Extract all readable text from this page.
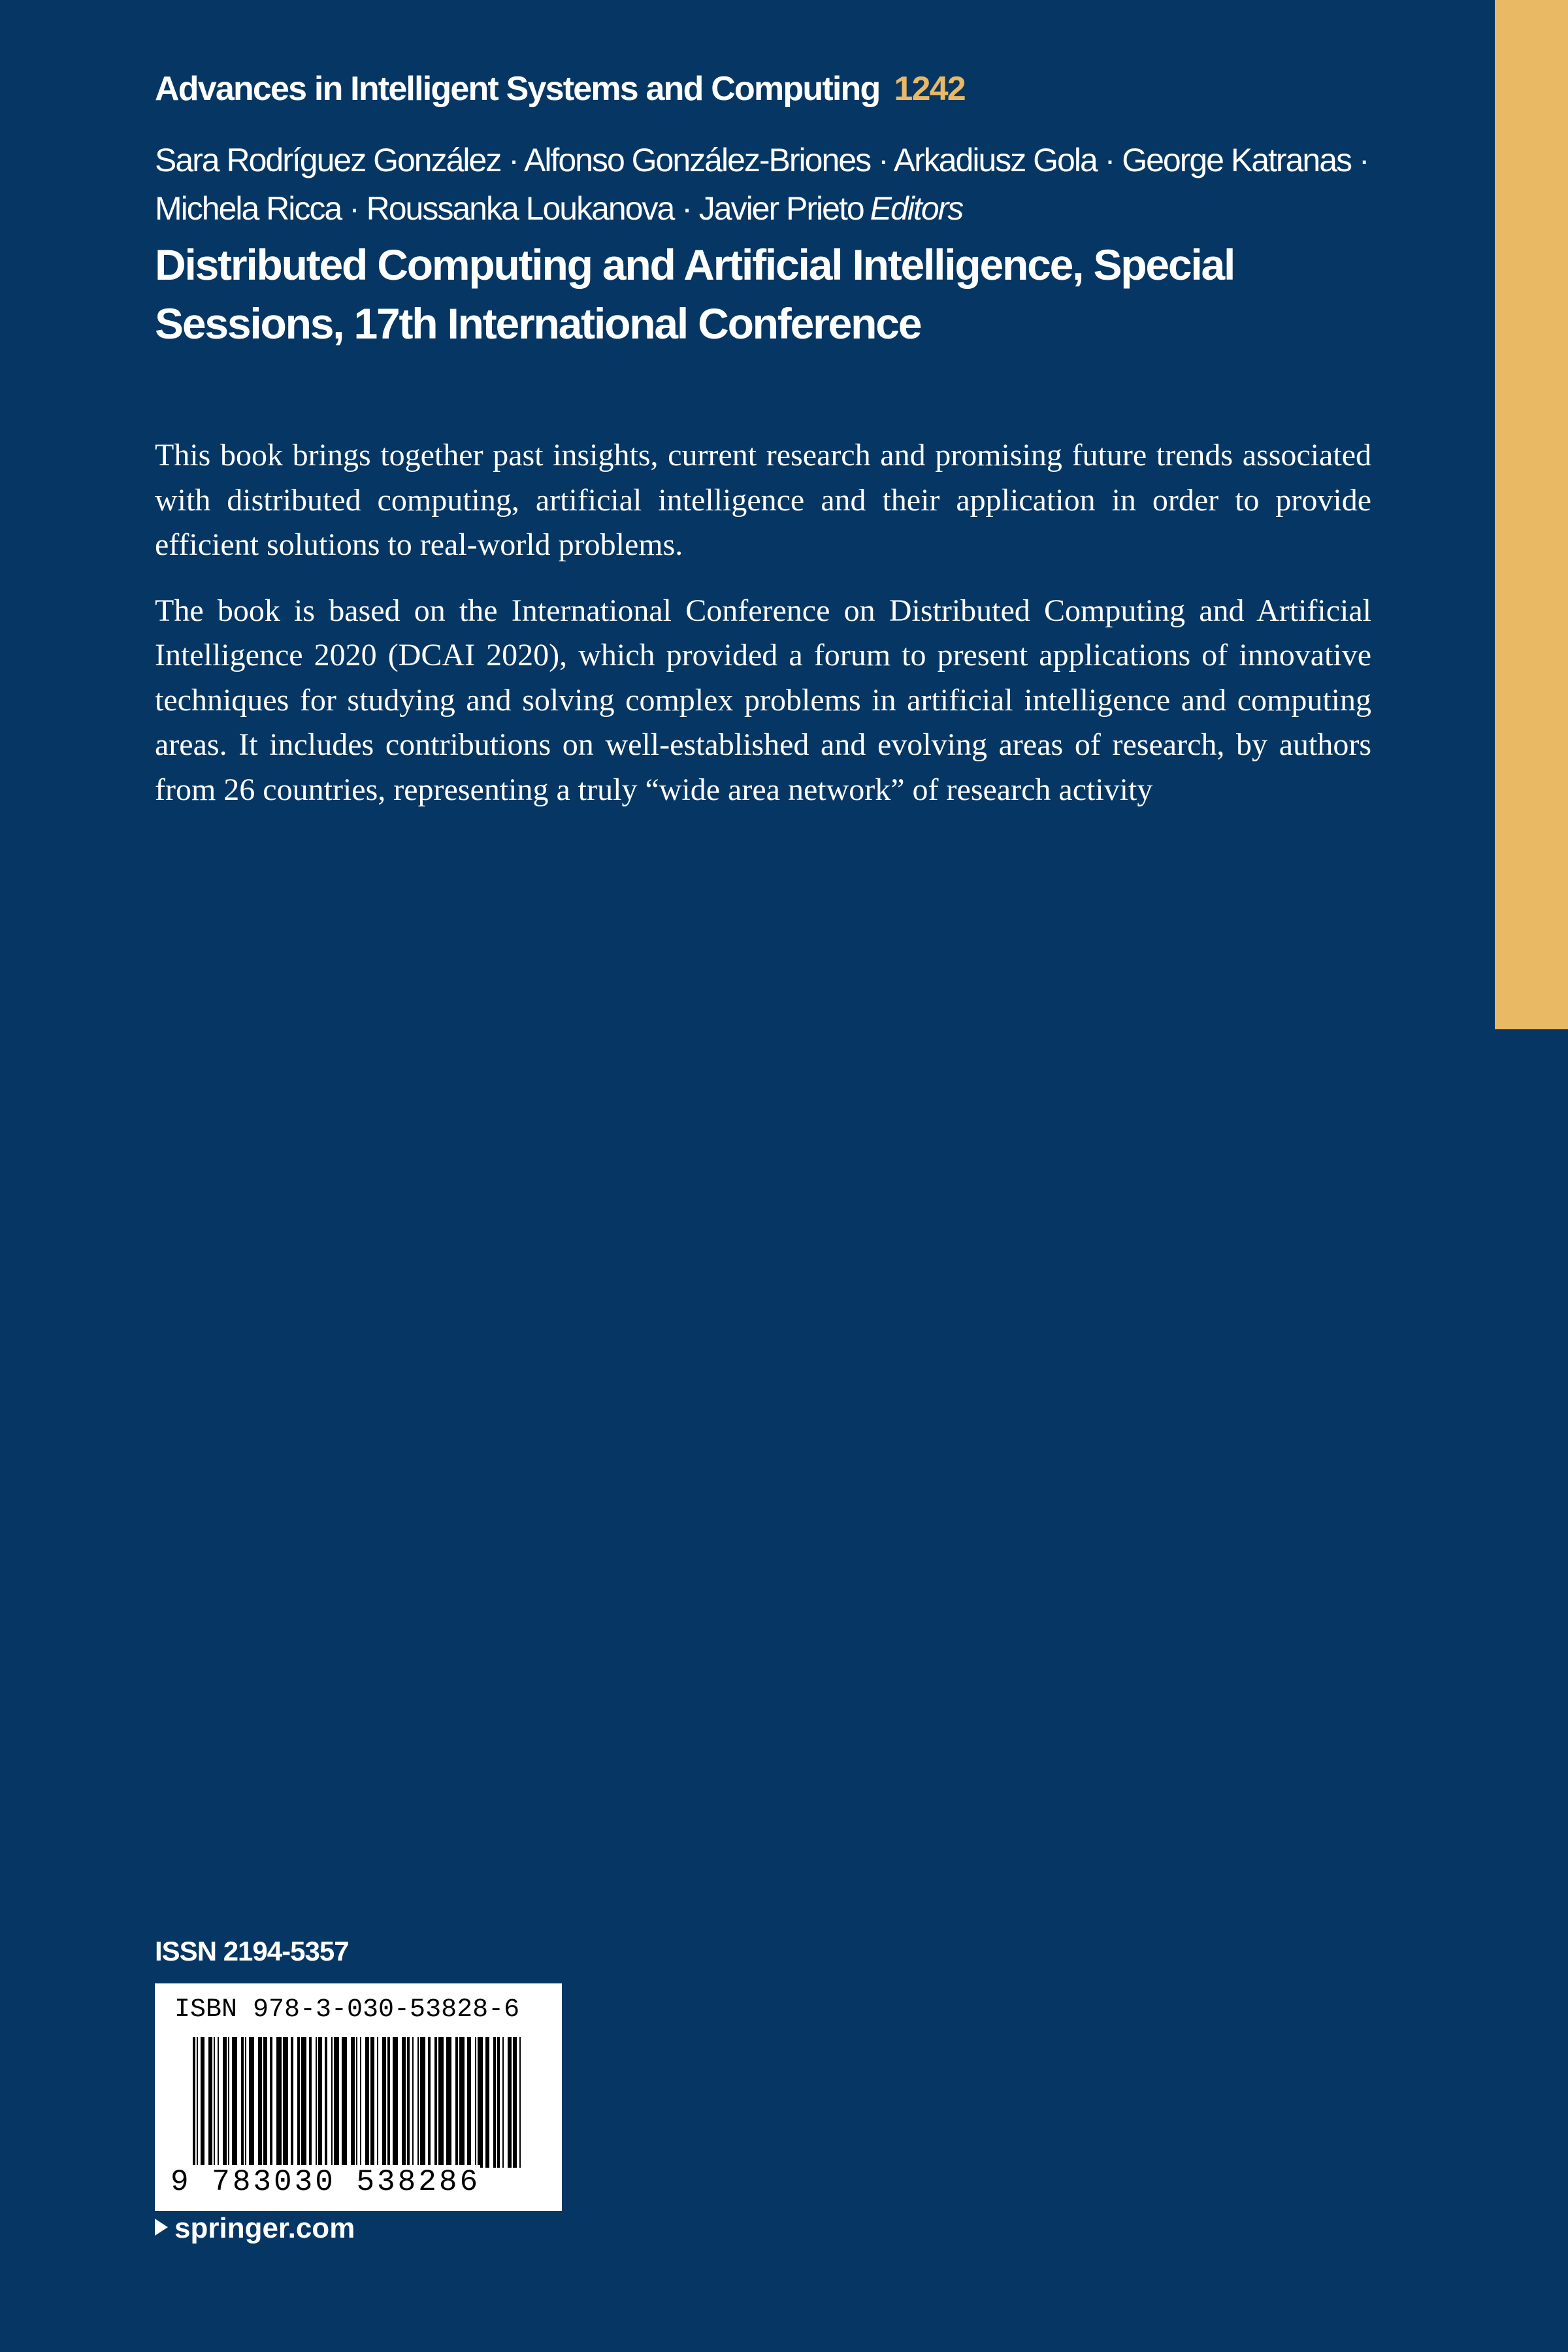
Advances in Intelligent Systems and Computing 1242
Sara Rodríguez González · Alfonso González-Briones · Arkadiusz Gola · George Katranas · Michela Ricca · Roussanka Loukanova · Javier Prieto Editors
Distributed Computing and Artificial Intelligence, Special Sessions, 17th International Conference

This book brings together past insights, current research and promising future trends associated with distributed computing, artificial intelligence and their application in order to provide efficient solutions to real-world problems.

The book is based on the International Conference on Distributed Computing and Artificial Intelligence 2020 (DCAI 2020), which provided a forum to present applications of innovative techniques for studying and solving complex problems in artificial intelligence and computing areas. It includes contributions on well-established and evolving areas of research, by authors from 26 countries, representing a truly “wide area network” of research activity

ISSN 2194-5357
ISBN 978-3-030-53828-6
9 783030 538286
springer.com
